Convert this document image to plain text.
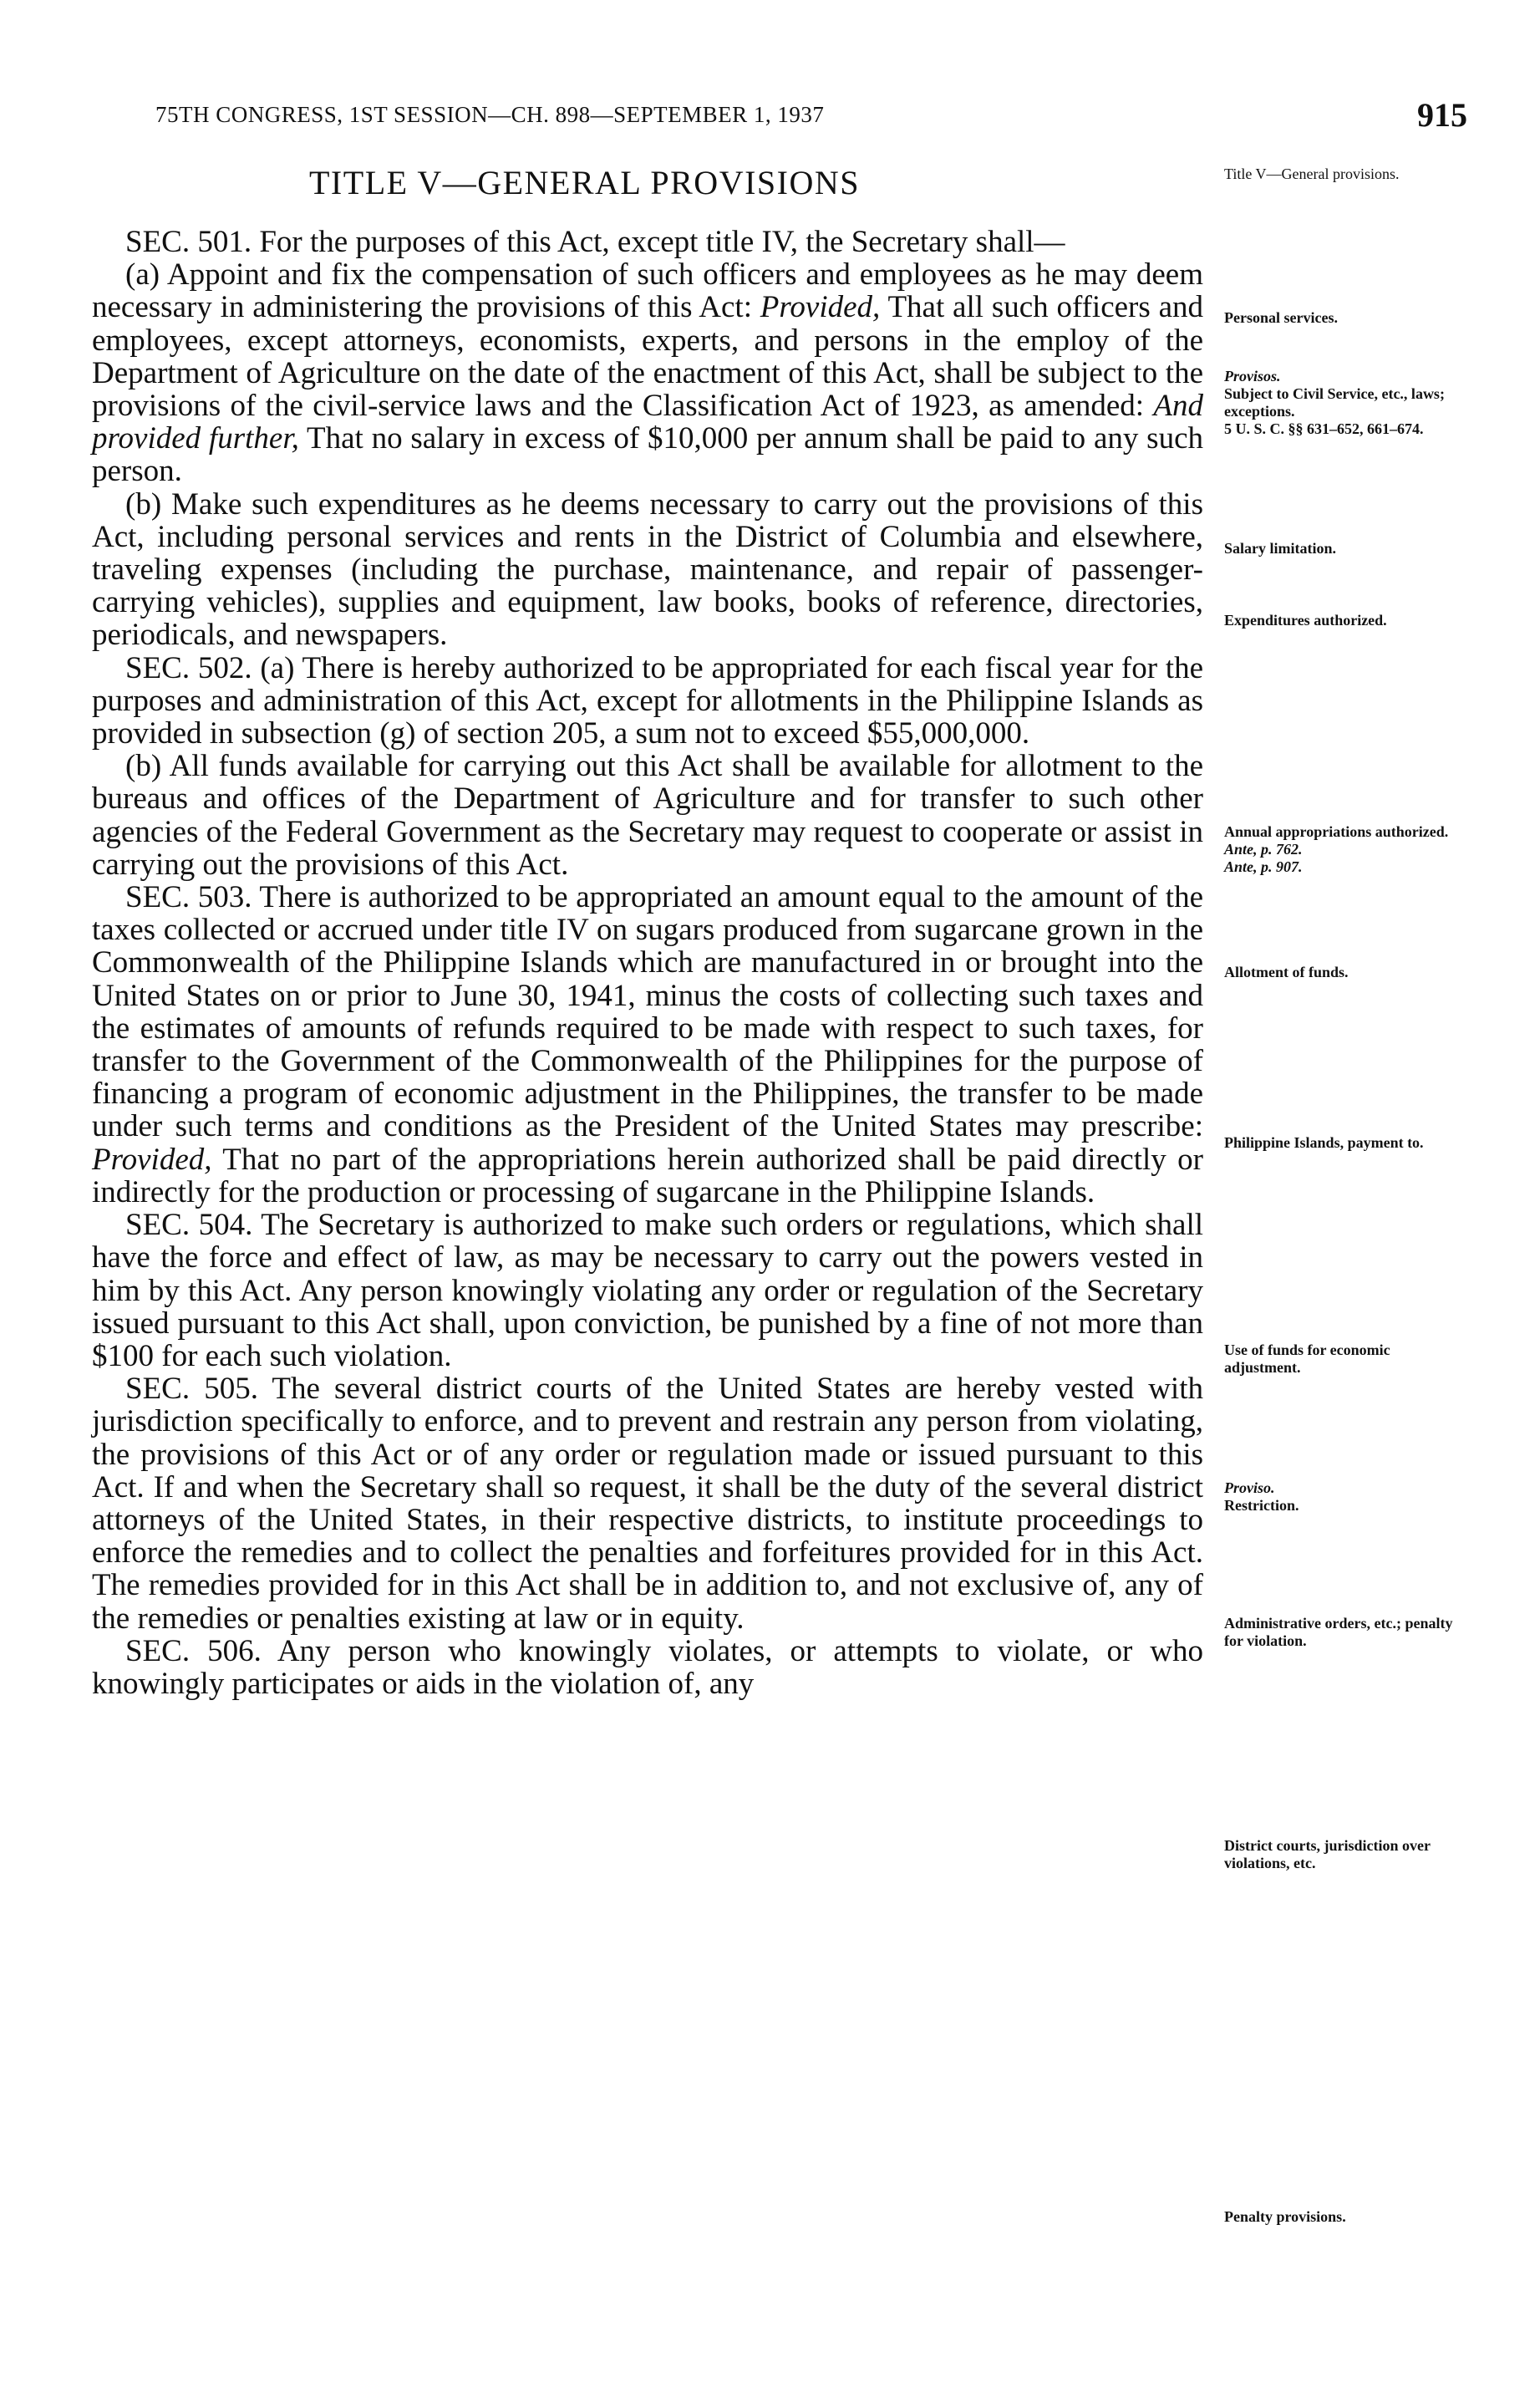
75TH CONGRESS, 1ST SESSION—CH. 898—SEPTEMBER 1, 1937	915
TITLE V—GENERAL PROVISIONS

SEC. 501. For the purposes of this Act, except title IV, the Secretary shall—

(a) Appoint and fix the compensation of such officers and employees as he may deem necessary in administering the provisions of this Act: Provided, That all such officers and employees, except attorneys, economists, experts, and persons in the employ of the Department of Agriculture on the date of the enactment of this Act, shall be subject to the provisions of the civil-service laws and the Classification Act of 1923, as amended: And provided further, That no salary in excess of $10,000 per annum shall be paid to any such person.

(b) Make such expenditures as he deems necessary to carry out the provisions of this Act, including personal services and rents in the District of Columbia and elsewhere, traveling expenses (including the purchase, maintenance, and repair of passenger-carrying vehicles), supplies and equipment, law books, books of reference, directories, periodicals, and newspapers.

SEC. 502. (a) There is hereby authorized to be appropriated for each fiscal year for the purposes and administration of this Act, except for allotments in the Philippine Islands as provided in subsection (g) of section 205, a sum not to exceed $55,000,000.

(b) All funds available for carrying out this Act shall be available for allotment to the bureaus and offices of the Department of Agriculture and for transfer to such other agencies of the Federal Government as the Secretary may request to cooperate or assist in carrying out the provisions of this Act.

SEC. 503. There is authorized to be appropriated an amount equal to the amount of the taxes collected or accrued under title IV on sugars produced from sugarcane grown in the Commonwealth of the Philippine Islands which are manufactured in or brought into the United States on or prior to June 30, 1941, minus the costs of collecting such taxes and the estimates of amounts of refunds required to be made with respect to such taxes, for transfer to the Government of the Commonwealth of the Philippines for the purpose of financing a program of economic adjustment in the Philippines, the transfer to be made under such terms and conditions as the President of the United States may prescribe: Provided, That no part of the appropriations herein authorized shall be paid directly or indirectly for the production or processing of sugarcane in the Philippine Islands.

SEC. 504. The Secretary is authorized to make such orders or regulations, which shall have the force and effect of law, as may be necessary to carry out the powers vested in him by this Act. Any person knowingly violating any order or regulation of the Secretary issued pursuant to this Act shall, upon conviction, be punished by a fine of not more than $100 for each such violation.

SEC. 505. The several district courts of the United States are hereby vested with jurisdiction specifically to enforce, and to prevent and restrain any person from violating, the provisions of this Act or of any order or regulation made or issued pursuant to this Act. If and when the Secretary shall so request, it shall be the duty of the several district attorneys of the United States, in their respective districts, to institute proceedings to enforce the remedies and to collect the penalties and forfeitures provided for in this Act. The remedies provided for in this Act shall be in addition to, and not exclusive of, any of the remedies or penalties existing at law or in equity.

SEC. 506. Any person who knowingly violates, or attempts to violate, or who knowingly participates or aids in the violation of, any

Title V—General provisions.
Personal services.
Provisos.
Subject to Civil Service, etc., laws; exceptions.
5 U. S. C. §§ 631–652, 661–674.
Salary limitation.
Expenditures authorized.
Annual appropriations authorized.
Ante, p. 762.
Ante, p. 907.
Allotment of funds.
Philippine Islands, payment to.
Use of funds for economic adjustment.
Proviso.
Restriction.
Administrative orders, etc.; penalty for violation.
District courts, jurisdiction over violations, etc.
Penalty provisions.
